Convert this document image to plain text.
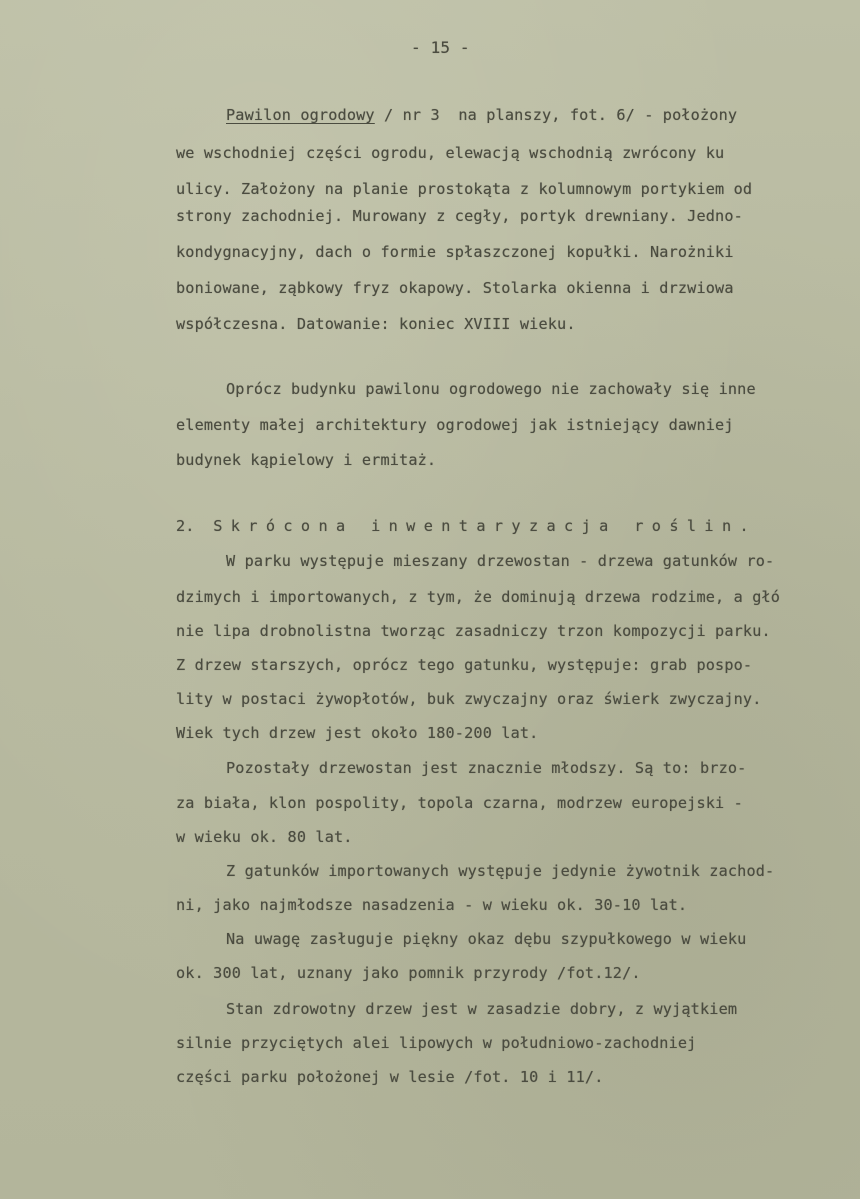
- 15 -
Pawilon ogrodowy / nr 3  na planszy, fot. 6/ - położony
we wschodniej części ogrodu, elewacją wschodnią zwrócony ku
ulicy. Założony na planie prostokąta z kolumnowym portykiem od
strony zachodniej. Murowany z cegły, portyk drewniany. Jedno-
kondygnacyjny, dach o formie spłaszczonej kopułki. Narożniki
boniowane, ząbkowy fryz okapowy. Stolarka okienna i drzwiowa
współczesna. Datowanie: koniec XVIII wieku.
Oprócz budynku pawilonu ogrodowego nie zachowały się inne
elementy małej architektury ogrodowej jak istniejący dawniej
budynek kąpielowy i ermitaż.
2. Skrócona inwentaryzacja roślin.
W parku występuje mieszany drzewostan - drzewa gatunków ro-
dzimych i importowanych, z tym, że dominują drzewa rodzime, a głó
nie lipa drobnolistna tworząc zasadniczy trzon kompozycji parku.
Z drzew starszych, oprócz tego gatunku, występuje: grab pospo-
lity w postaci żywopłotów, buk zwyczajny oraz świerk zwyczajny.
Wiek tych drzew jest około 180-200 lat.
Pozostały drzewostan jest znacznie młodszy. Są to: brzo-
za biała, klon pospolity, topola czarna, modrzew europejski -
w wieku ok. 80 lat.
Z gatunków importowanych występuje jedynie żywotnik zachod-
ni, jako najmłodsze nasadzenia - w wieku ok. 30-10 lat.
Na uwagę zasługuje piękny okaz dębu szypułkowego w wieku
ok. 300 lat, uznany jako pomnik przyrody /fot.12/.
Stan zdrowotny drzew jest w zasadzie dobry, z wyjątkiem
silnie przyciętych alei lipowych w południowo-zachodniej
części parku położonej w lesie /fot. 10 i 11/.
